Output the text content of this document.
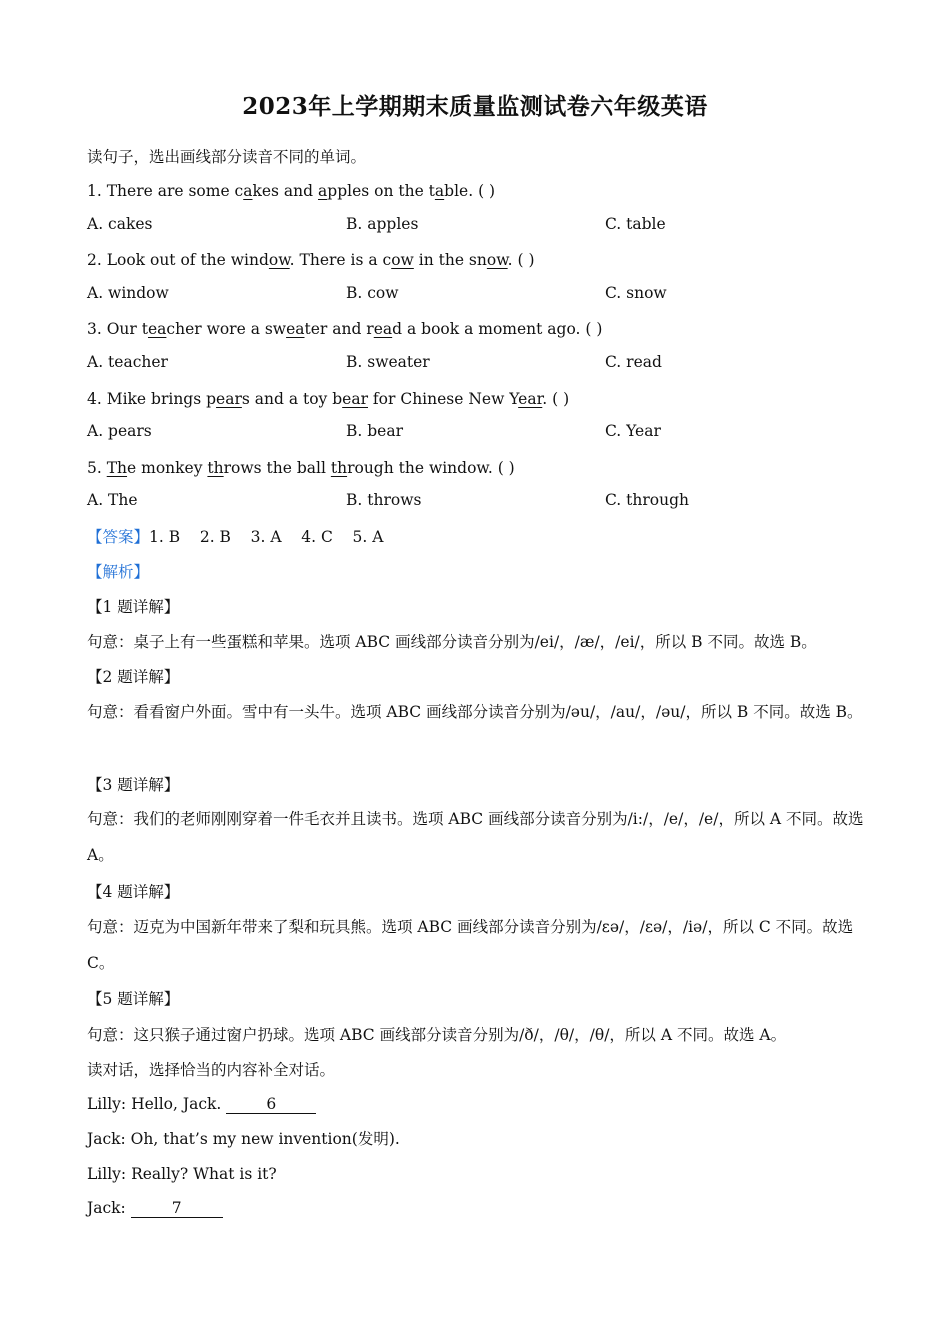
2023年上学期期末质量监测试卷六年级英语
读句子，选出画线部分读音不同的单词。
1. There are some cakes and apples on the table. ( )
A. cakes	B. apples	C. table
2. Look out of the window. There is a cow in the snow. ( )
A. window	B. cow	C. snow
3. Our teacher wore a sweater and read a book a moment ago. ( )
A. teacher	B. sweater	C. read
4. Mike brings pears and a toy bear for Chinese New Year. ( )
A. pears	B. bear	C. Year
5. The monkey throws the ball through the window. ( )
A. The	B. throws	C. through
【答案】1. B    2. B    3. A    4. C    5. A
【解析】
【1 题详解】
句意：桌子上有一些蛋糕和苹果。选项 ABC 画线部分读音分别为/ei/，/æ/，/ei/，所以 B 不同。故选 B。
【2 题详解】
句意：看看窗户外面。雪中有一头牛。选项 ABC 画线部分读音分别为/əu/，/au/，/əu/，所以 B 不同。故选 B。
【3 题详解】
句意：我们的老师刚刚穿着一件毛衣并且读书。选项 ABC 画线部分读音分别为/i:/，/e/，/e/，所以 A 不同。故选 A。
【4 题详解】
句意：迈克为中国新年带来了梨和玩具熊。选项 ABC 画线部分读音分别为/εə/，/εə/，/iə/，所以 C 不同。故选 C。
【5 题详解】
句意：这只猴子通过窗户扔球。选项 ABC 画线部分读音分别为/ð/，/θ/，/θ/，所以 A 不同。故选 A。
读对话，选择恰当的内容补全对话。
Lilly: Hello, Jack.	6
Jack: Oh, that’s my new invention(发明).
Lilly: Really? What is it?
Jack:	7
